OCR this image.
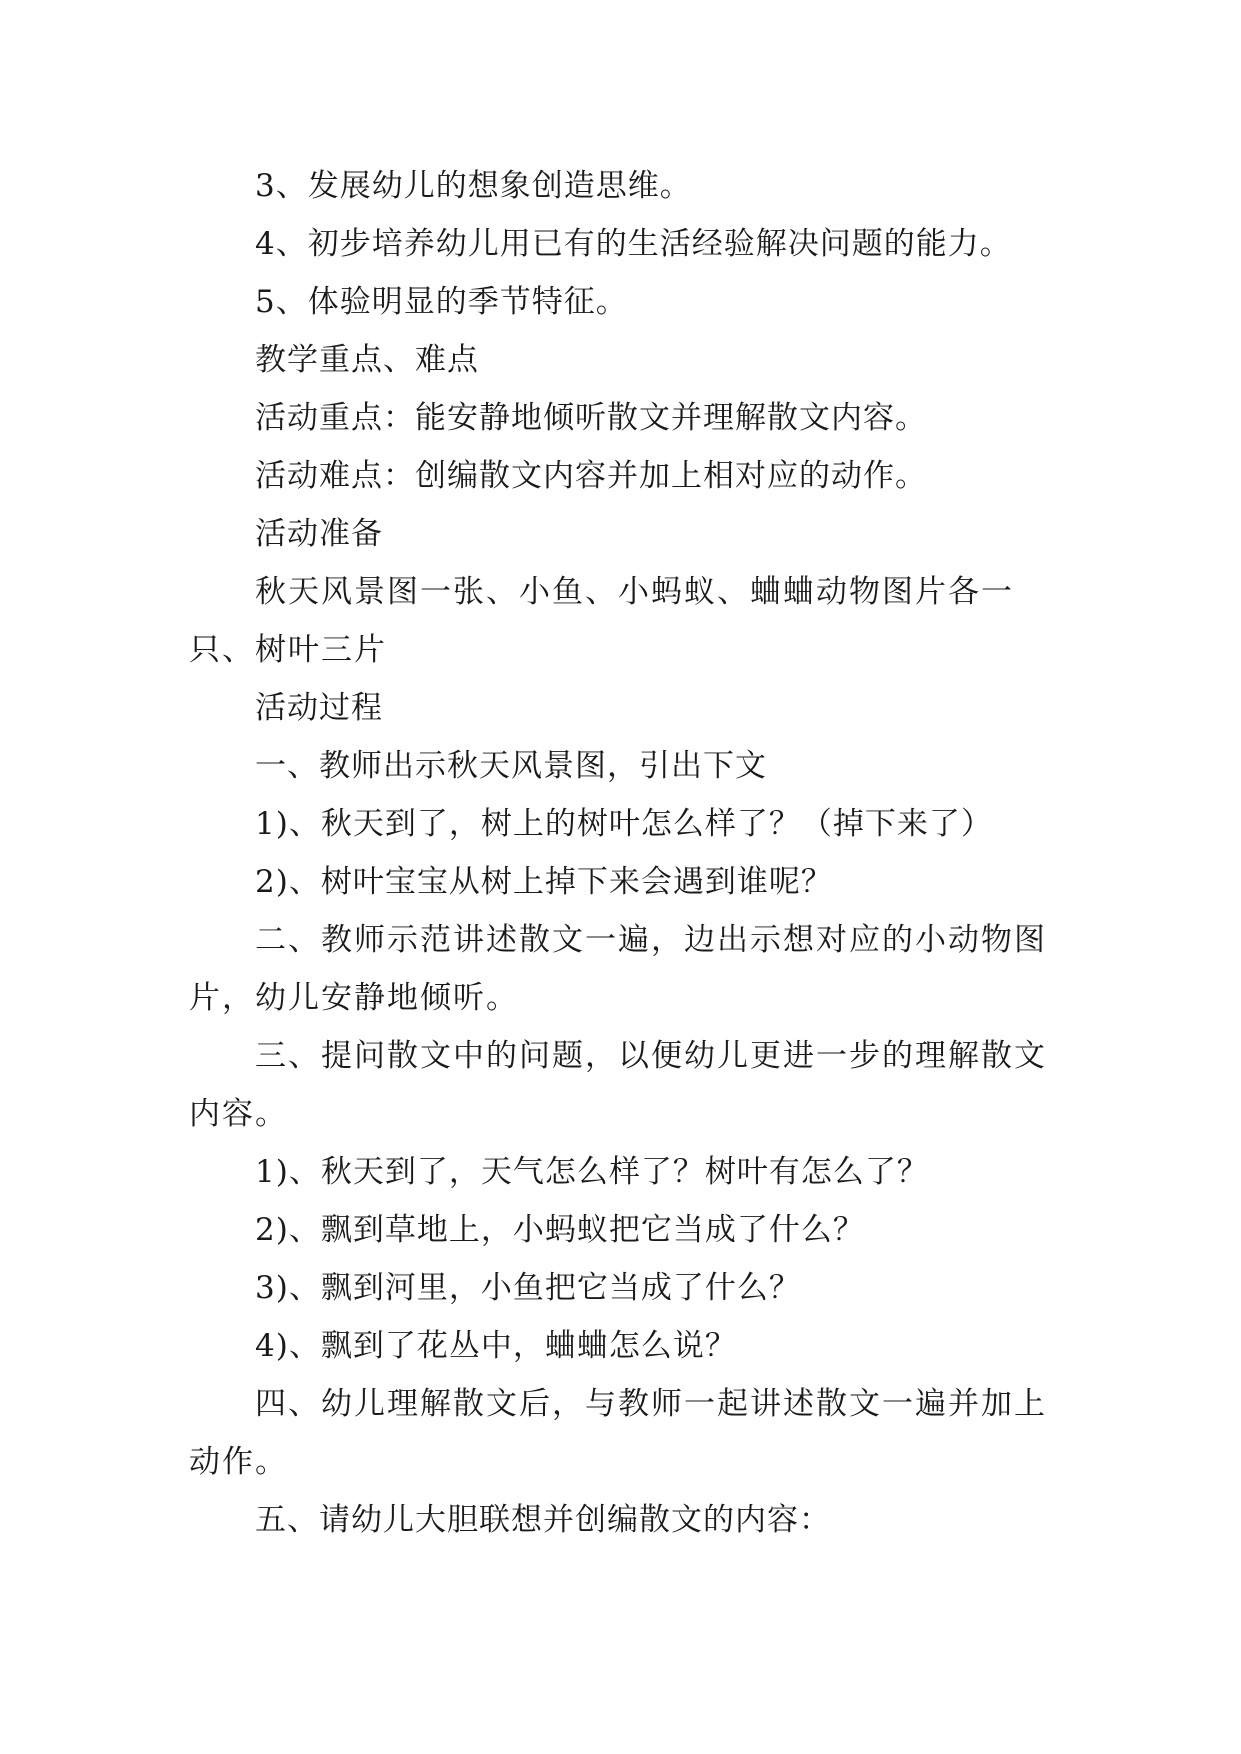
3、发展幼儿的想象创造思维。

4、初步培养幼儿用已有的生活经验解决问题的能力。

5、体验明显的季节特征。

教学重点、难点

活动重点：能安静地倾听散文并理解散文内容。

活动难点：创编散文内容并加上相对应的动作。

活动准备

秋天风景图一张、小鱼、小蚂蚁、蛐蛐动物图片各一只、树叶三片

活动过程

一、教师出示秋天风景图，引出下文

1)、秋天到了，树上的树叶怎么样了？（掉下来了）

2)、树叶宝宝从树上掉下来会遇到谁呢？

二、教师示范讲述散文一遍，边出示想对应的小动物图片，幼儿安静地倾听。

三、提问散文中的问题，以便幼儿更进一步的理解散文内容。

1)、秋天到了，天气怎么样了？树叶有怎么了？

2)、飘到草地上，小蚂蚁把它当成了什么？

3)、飘到河里，小鱼把它当成了什么？

4)、飘到了花丛中，蛐蛐怎么说？

四、幼儿理解散文后，与教师一起讲述散文一遍并加上动作。

五、请幼儿大胆联想并创编散文的内容：
